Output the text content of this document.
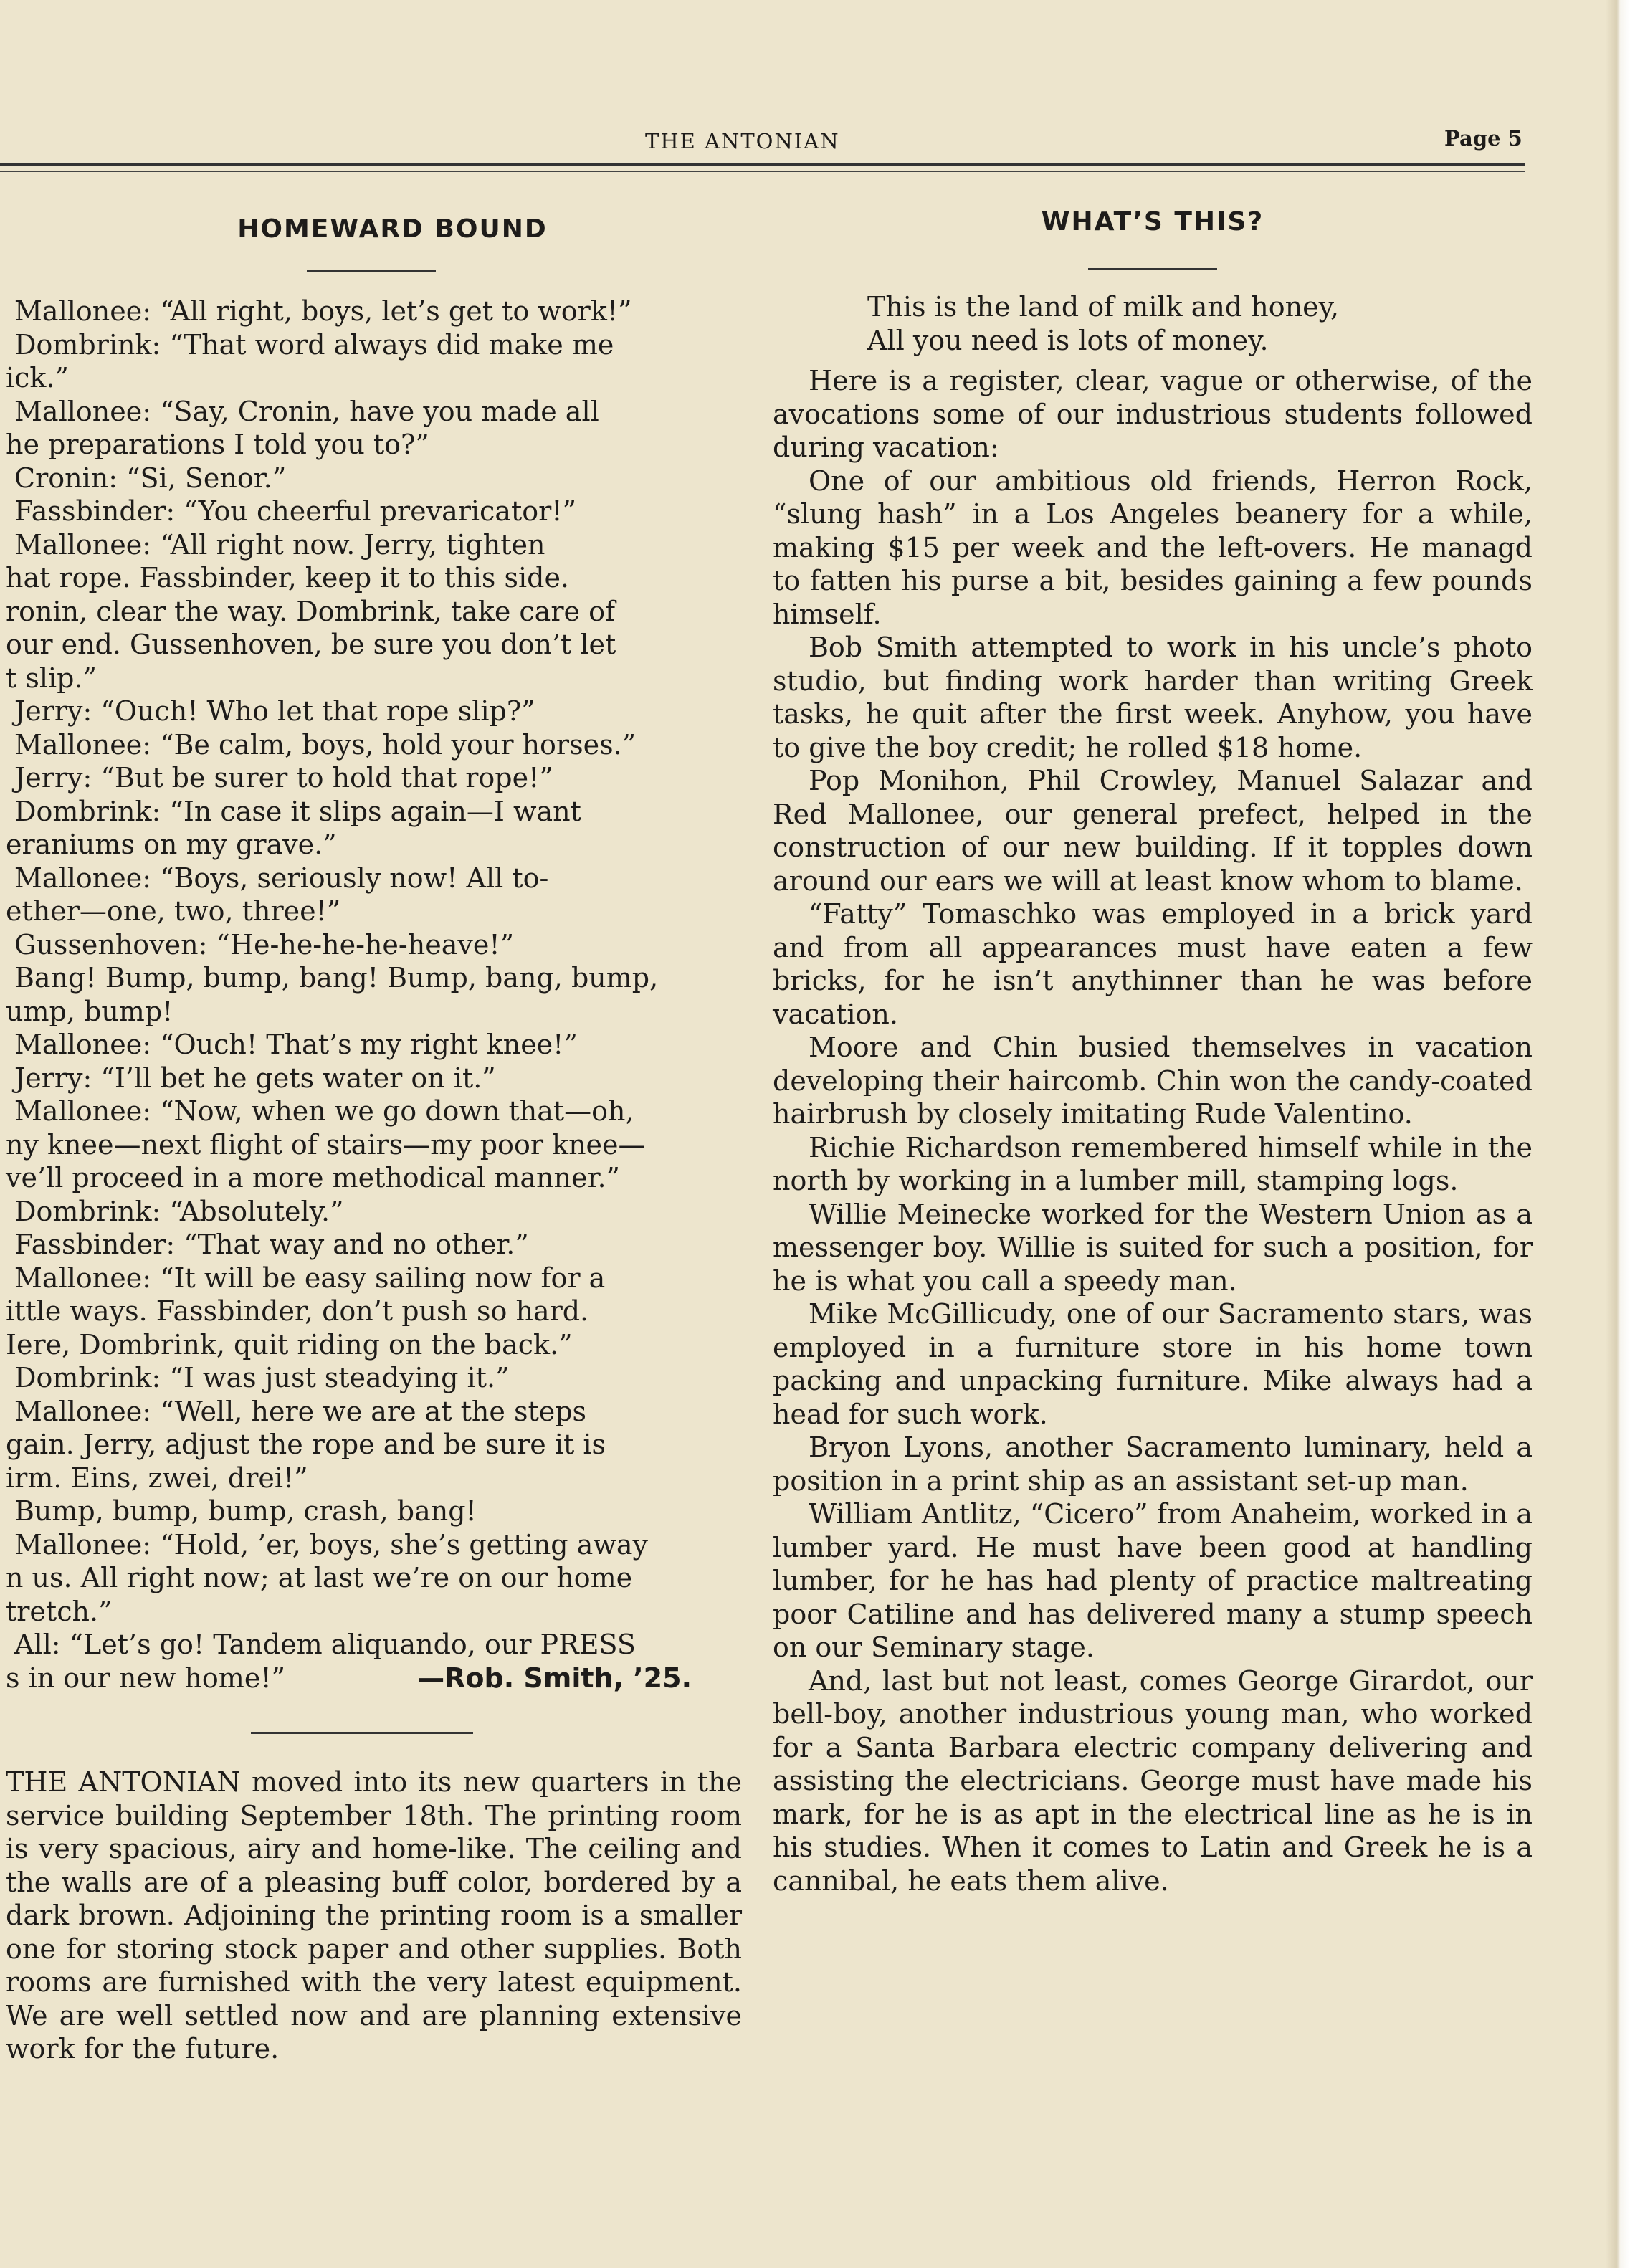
THE ANTONIAN	Page 5
HOMEWARD BOUND
Mallonee: “All right, boys, let’s get to work!”
Dombrink: “That word always did make me
ick.”
Mallonee: “Say, Cronin, have you made all
he preparations I told you to?”
Cronin: “Si, Senor.”
Fassbinder: “You cheerful prevaricator!”
Mallonee: “All right now. Jerry, tighten
hat rope. Fassbinder, keep it to this side.
ronin, clear the way. Dombrink, take care of
our end. Gussenhoven, be sure you don’t let
t slip.”
Jerry: “Ouch! Who let that rope slip?”
Mallonee: “Be calm, boys, hold your horses.”
Jerry: “But be surer to hold that rope!”
Dombrink: “In case it slips again—I want
eraniums on my grave.”
Mallonee: “Boys, seriously now! All to-
ether—one, two, three!”
Gussenhoven: “He-he-he-he-heave!”
Bang! Bump, bump, bang! Bump, bang, bump,
ump, bump!
Mallonee: “Ouch! That’s my right knee!”
Jerry: “I’ll bet he gets water on it.”
Mallonee: “Now, when we go down that—oh,
ny knee—next flight of stairs—my poor knee—
ve’ll proceed in a more methodical manner.”
Dombrink: “Absolutely.”
Fassbinder: “That way and no other.”
Mallonee: “It will be easy sailing now for a
ittle ways. Fassbinder, don’t push so hard.
Iere, Dombrink, quit riding on the back.”
Dombrink: “I was just steadying it.”
Mallonee: “Well, here we are at the steps
gain. Jerry, adjust the rope and be sure it is
irm. Eins, zwei, drei!”
Bump, bump, bump, crash, bang!
Mallonee: “Hold, ’er, boys, she’s getting away
n us. All right now; at last we’re on our home
tretch.”
All: “Let’s go! Tandem aliquando, our PRESS
s in our new home!”	—Rob. Smith, ’25.
THE ANTONIAN moved into its new quarters in the service building September 18th. The printing room is very spacious, airy and home-like. The ceiling and the walls are of a pleasing buff color, bordered by a dark brown. Adjoining the printing room is a smaller one for storing stock paper and other supplies. Both rooms are furnished with the very latest equipment. We are well settled now and are planning extensive work for the future.
WHAT’S THIS?
This is the land of milk and honey,
All you need is lots of money.
Here is a register, clear, vague or otherwise, of the avocations some of our industrious students followed during vacation:
One of our ambitious old friends, Herron Rock, “slung hash” in a Los Angeles beanery for a while, making $15 per week and the left-overs. He managd to fatten his purse a bit, besides gaining a few pounds himself.
Bob Smith attempted to work in his uncle’s photo studio, but finding work harder than writing Greek tasks, he quit after the first week. Anyhow, you have to give the boy credit; he rolled $18 home.
Pop Monihon, Phil Crowley, Manuel Salazar and Red Mallonee, our general prefect, helped in the construction of our new building. If it topples down around our ears we will at least know whom to blame.
“Fatty” Tomaschko was employed in a brick yard and from all appearances must have eaten a few bricks, for he isn’t anythinner than he was before vacation.
Moore and Chin busied themselves in vacation developing their haircomb. Chin won the candy-coated hairbrush by closely imitating Rude Valentino.
Richie Richardson remembered himself while in the north by working in a lumber mill, stamping logs.
Willie Meinecke worked for the Western Union as a messenger boy. Willie is suited for such a position, for he is what you call a speedy man.
Mike McGillicudy, one of our Sacramento stars, was employed in a furniture store in his home town packing and unpacking furniture. Mike always had a head for such work.
Bryon Lyons, another Sacramento luminary, held a position in a print ship as an assistant set-up man.
William Antlitz, “Cicero” from Anaheim, worked in a lumber yard. He must have been good at handling lumber, for he has had plenty of practice maltreating poor Catiline and has delivered many a stump speech on our Seminary stage.
And, last but not least, comes George Girardot, our bell-boy, another industrious young man, who worked for a Santa Barbara electric company delivering and assisting the electricians. George must have made his mark, for he is as apt in the electrical line as he is in his studies. When it comes to Latin and Greek he is a cannibal, he eats them alive.
